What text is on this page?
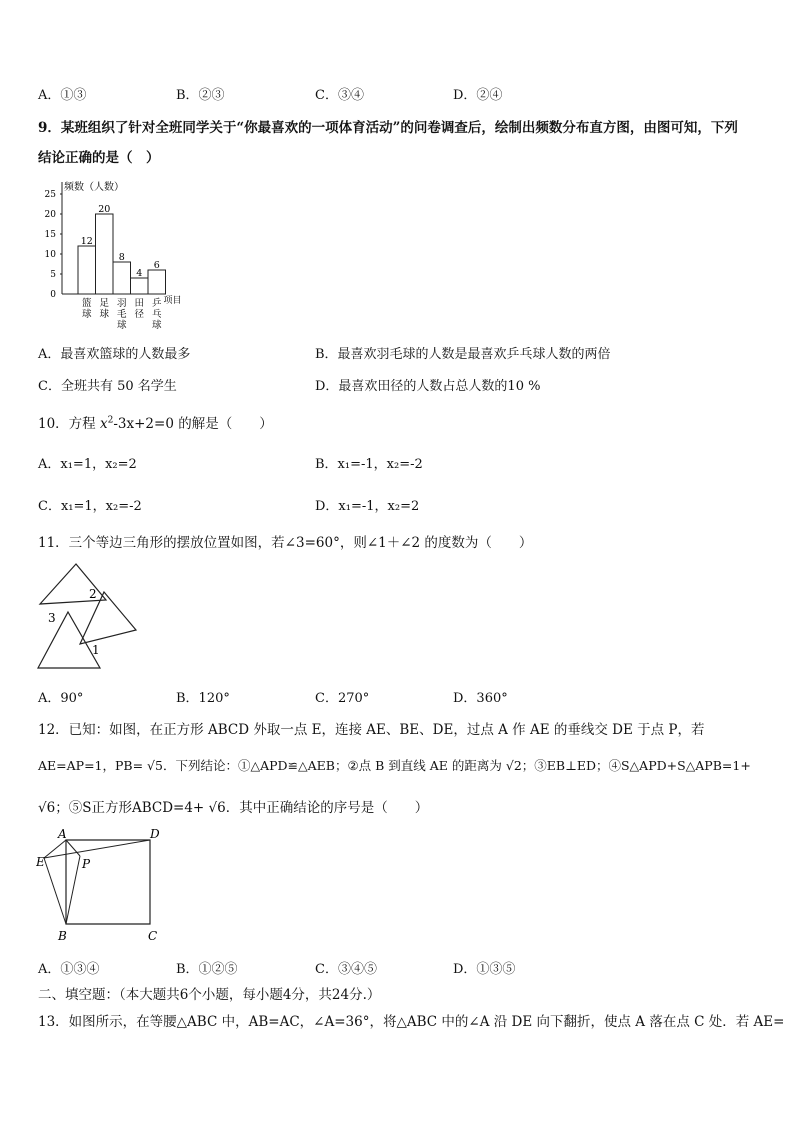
A．①③	B．②③	C．③④	D．②④
9．某班组织了针对全班同学关于“你最喜欢的一项体育活动”的问卷调查后，绘制出频数分布直方图，由图可知，下列
结论正确的是（　）
频数（人数）
项目
0
5
10
15
20
25
12
篮
球
20
足
球
8
羽
毛
球
4
田
径
6
乒
乓
球
A．最喜欢篮球的人数最多	B．最喜欢羽毛球的人数是最喜欢乒乓球人数的两倍
C．全班共有 50 名学生	D．最喜欢田径的人数占总人数的10 %
10．方程 $x^2-3x+2=0$ 的解是（　　）
A．x₁=1，x₂=2	B．x₁=-1，x₂=-2
C．x₁=1，x₂=-2	D．x₁=-1，x₂=2
11．三个等边三角形的摆放位置如图，若∠3=60°，则∠1＋∠2 的度数为（　　）
1
2
3
A．90°	B．120°	C．270°	D．360°
12．已知：如图，在正方形 ABCD 外取一点 E，连接 AE、BE、DE，过点 A 作 AE 的垂线交 DE 于点 P，若
AE=AP=1，PB= √5．下列结论：①△APD≌△AEB；②点 B 到直线 AE 的距离为 √2；③EB⊥ED；④S△APD+S△APB=1+
√6；⑤S正方形ABCD=4+ √6．其中正确结论的序号是（　　）
A	D
E	P
B	C
A．①③④	B．①②⑤	C．③④⑤	D．①③⑤
二、填空题：（本大题共6个小题，每小题4分，共24分.）
13．如图所示，在等腰△ABC 中，AB=AC，∠A=36°，将△ABC 中的∠A 沿 DE 向下翻折，使点 A 落在点 C 处．若 AE=
